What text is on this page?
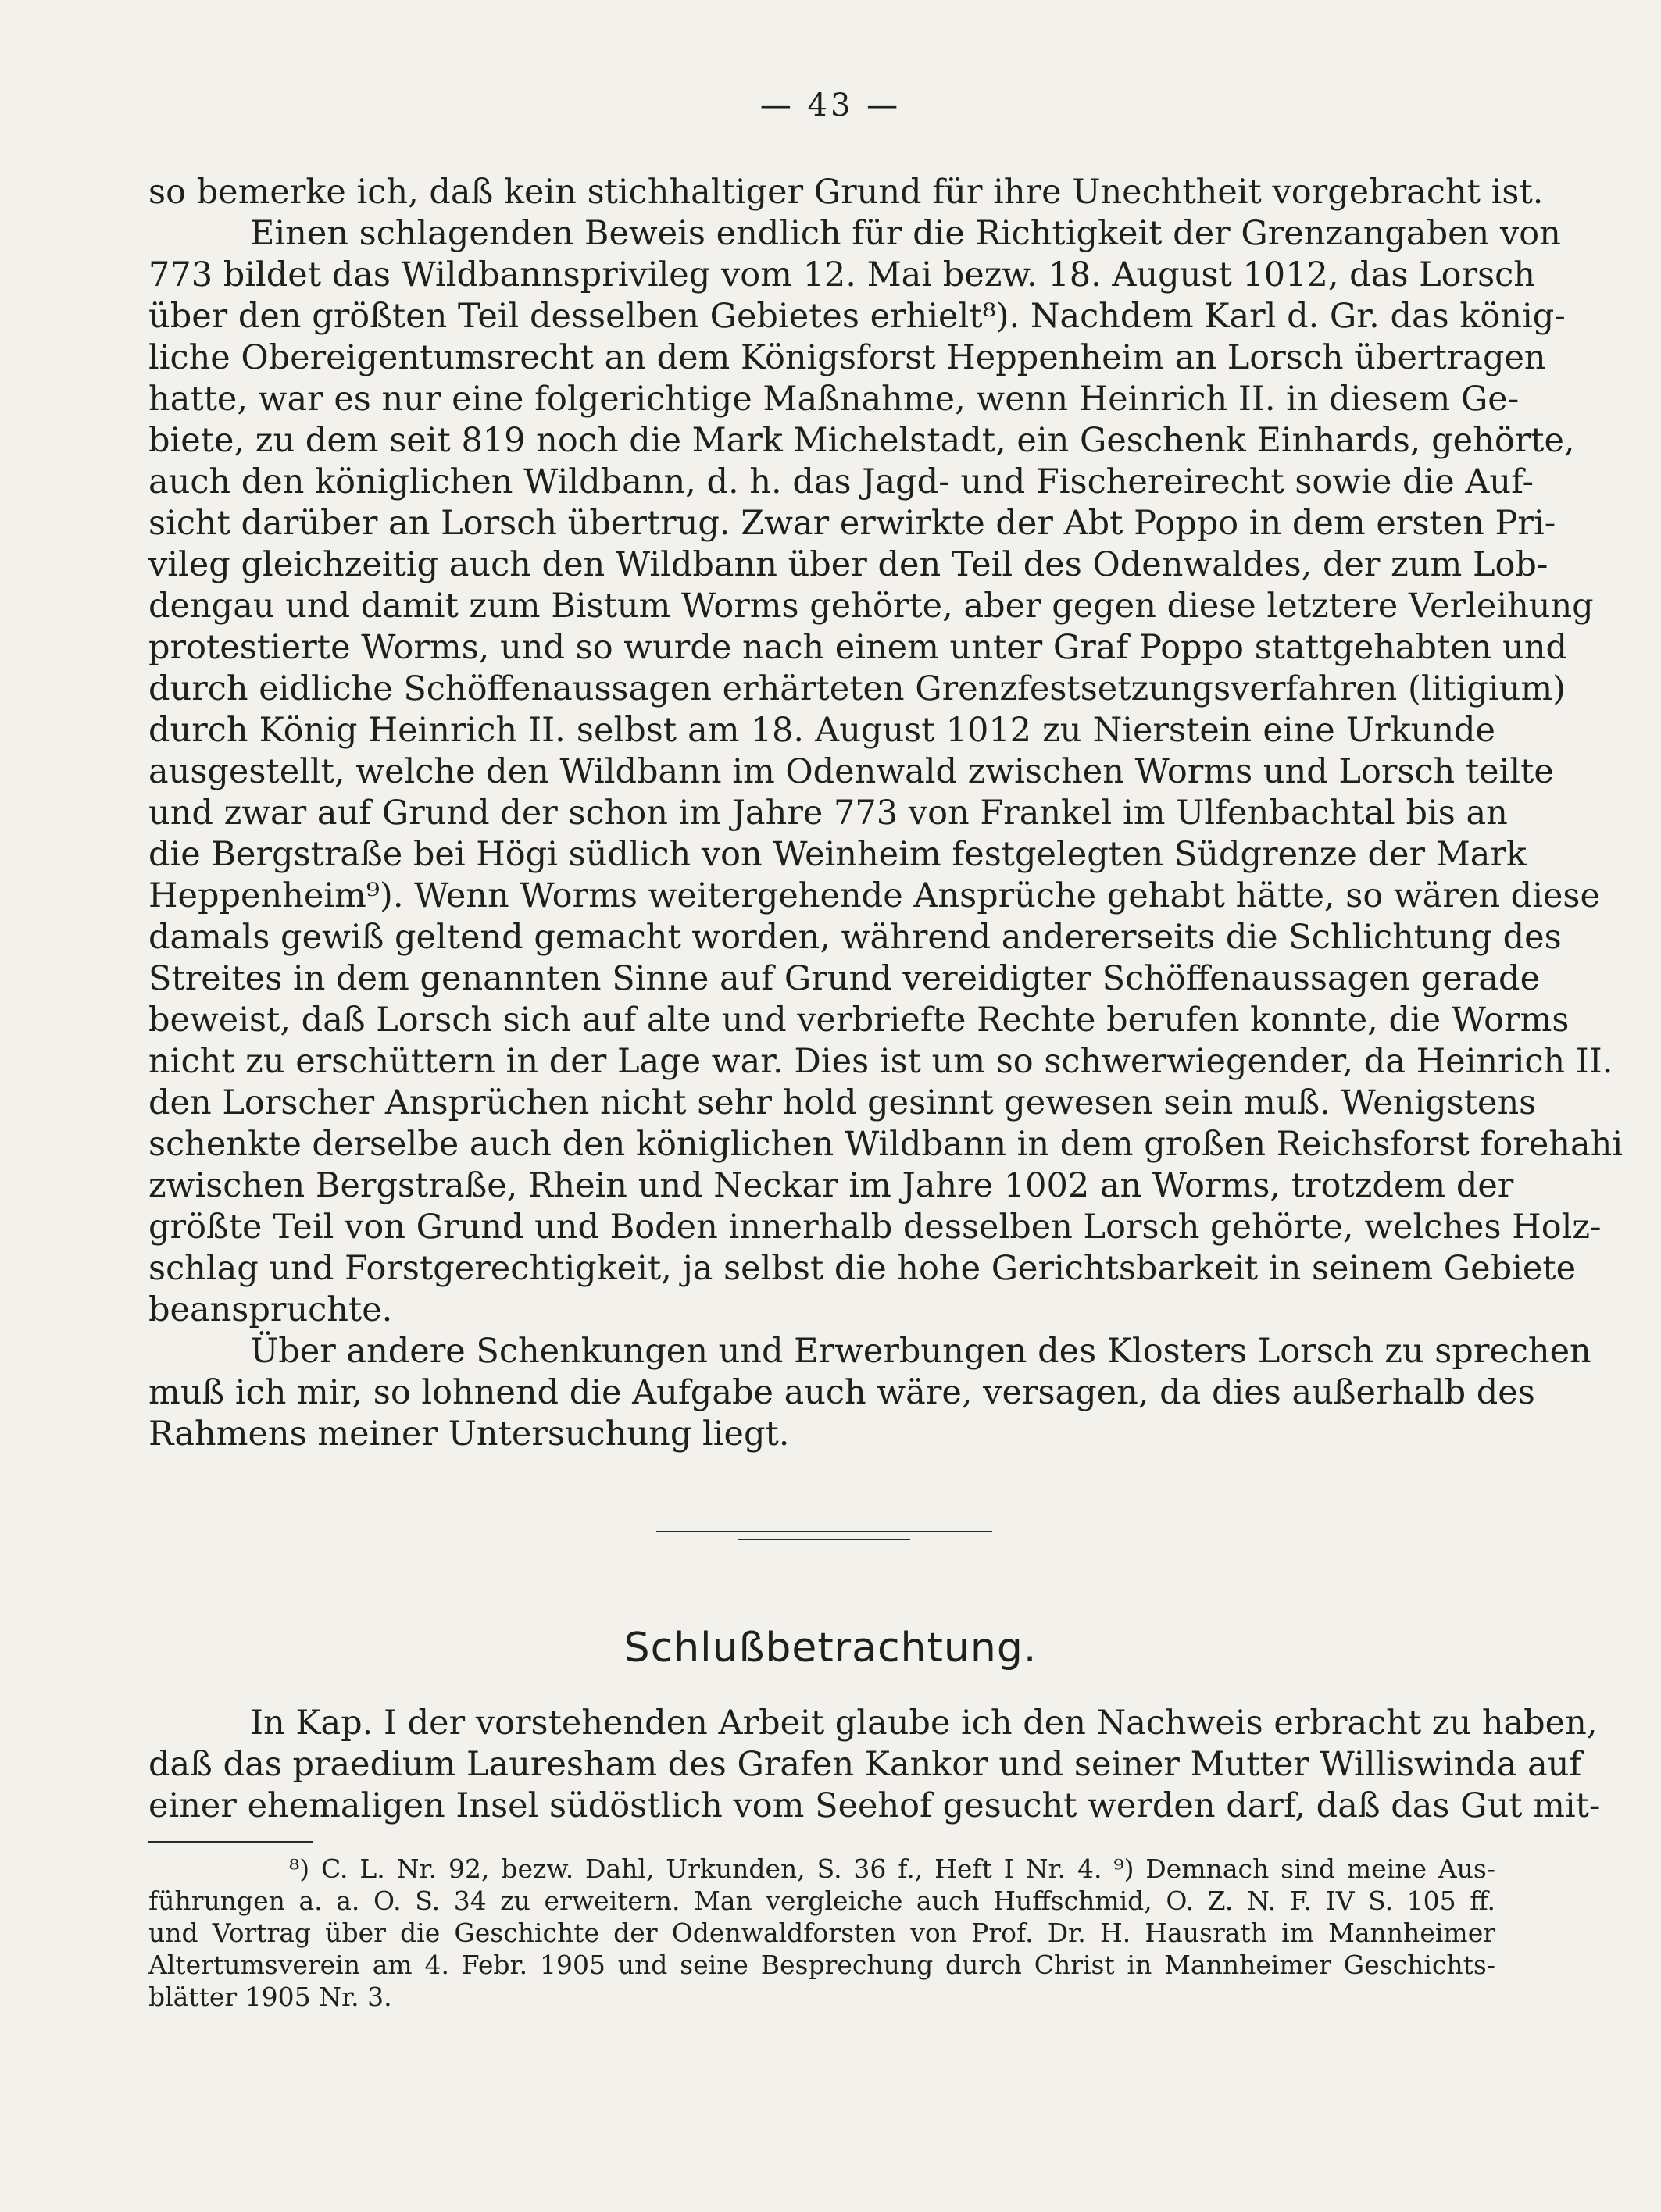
— 43 —
so bemerke ich, daß kein stichhaltiger Grund für ihre Unechtheit vorgebracht ist.
Einen schlagenden Beweis endlich für die Richtigkeit der Grenzangaben von
773 bildet das Wildbannsprivileg vom 12. Mai bezw. 18. August 1012, das Lorsch
über den größten Teil desselben Gebietes erhielt⁸). Nachdem Karl d. Gr. das könig-
liche Obereigentumsrecht an dem Königsforst Heppenheim an Lorsch übertragen
hatte, war es nur eine folgerichtige Maßnahme, wenn Heinrich II. in diesem Ge-
biete, zu dem seit 819 noch die Mark Michelstadt, ein Geschenk Einhards, gehörte,
auch den königlichen Wildbann, d. h. das Jagd- und Fischereirecht sowie die Auf-
sicht darüber an Lorsch übertrug. Zwar erwirkte der Abt Poppo in dem ersten Pri-
vileg gleichzeitig auch den Wildbann über den Teil des Odenwaldes, der zum Lob-
dengau und damit zum Bistum Worms gehörte, aber gegen diese letztere Verleihung
protestierte Worms, und so wurde nach einem unter Graf Poppo stattgehabten und
durch eidliche Schöffenaussagen erhärteten Grenzfestsetzungsverfahren (litigium)
durch König Heinrich II. selbst am 18. August 1012 zu Nierstein eine Urkunde
ausgestellt, welche den Wildbann im Odenwald zwischen Worms und Lorsch teilte
und zwar auf Grund der schon im Jahre 773 von Frankel im Ulfenbachtal bis an
die Bergstraße bei Högi südlich von Weinheim festgelegten Südgrenze der Mark
Heppenheim⁹). Wenn Worms weitergehende Ansprüche gehabt hätte, so wären diese
damals gewiß geltend gemacht worden, während andererseits die Schlichtung des
Streites in dem genannten Sinne auf Grund vereidigter Schöffenaussagen gerade
beweist, daß Lorsch sich auf alte und verbriefte Rechte berufen konnte, die Worms
nicht zu erschüttern in der Lage war. Dies ist um so schwerwiegender, da Heinrich II.
den Lorscher Ansprüchen nicht sehr hold gesinnt gewesen sein muß. Wenigstens
schenkte derselbe auch den königlichen Wildbann in dem großen Reichsforst forehahi
zwischen Bergstraße, Rhein und Neckar im Jahre 1002 an Worms, trotzdem der
größte Teil von Grund und Boden innerhalb desselben Lorsch gehörte, welches Holz-
schlag und Forstgerechtigkeit, ja selbst die hohe Gerichtsbarkeit in seinem Gebiete
beanspruchte.
Über andere Schenkungen und Erwerbungen des Klosters Lorsch zu sprechen
muß ich mir, so lohnend die Aufgabe auch wäre, versagen, da dies außerhalb des
Rahmens meiner Untersuchung liegt.
Schlußbetrachtung.
In Kap. I der vorstehenden Arbeit glaube ich den Nachweis erbracht zu haben,
daß das praedium Lauresham des Grafen Kankor und seiner Mutter Williswinda auf
einer ehemaligen Insel südöstlich vom Seehof gesucht werden darf, daß das Gut mit-
⁸) C. L. Nr. 92, bezw. Dahl, Urkunden, S. 36 f., Heft I Nr. 4. ⁹) Demnach sind meine Aus-
führungen a. a. O. S. 34 zu erweitern. Man vergleiche auch Huffschmid, O. Z. N. F. IV S. 105 ff.
und Vortrag über die Geschichte der Odenwaldforsten von Prof. Dr. H. Hausrath im Mannheimer
Altertumsverein am 4. Febr. 1905 und seine Besprechung durch Christ in Mannheimer Geschichts-
blätter 1905 Nr. 3.
